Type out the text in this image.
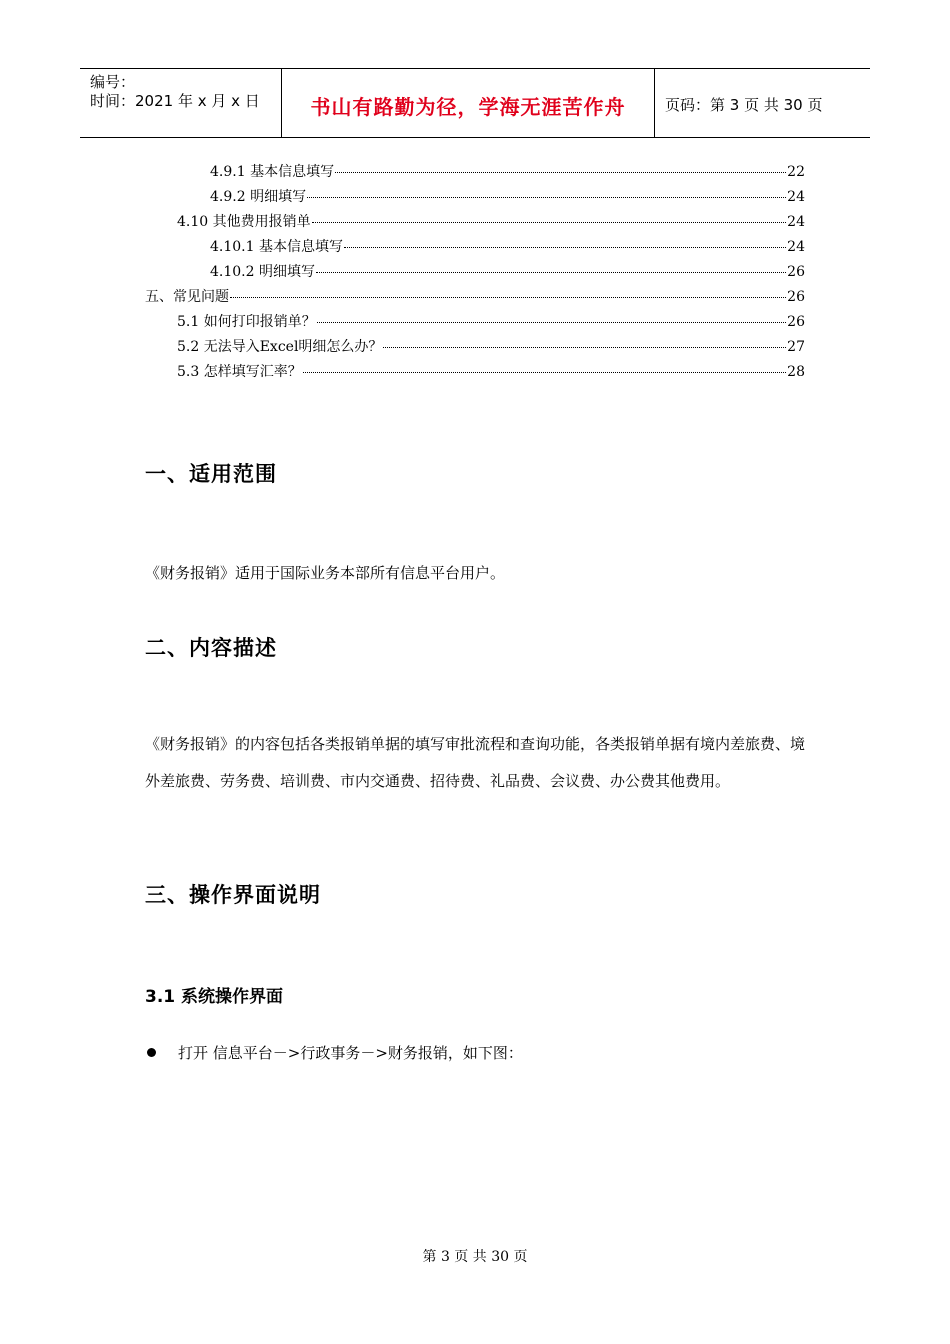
编号：
时间：2021 年 x 月 x 日	书山有路勤为径，学海无涯苦作舟	页码：第 3 页 共 30 页
4.9.1 基本信息填写	22
4.9.2 明细填写	24
4.10 其他费用报销单	24
4.10.1 基本信息填写	24
4.10.2 明细填写	26
五、常见问题	26
5.1 如何打印报销单？	26
5.2 无法导入Excel明细怎么办？	27
5.3 怎样填写汇率？	28
一、适用范围

《财务报销》适用于国际业务本部所有信息平台用户。

二、内容描述

《财务报销》的内容包括各类报销单据的填写审批流程和查询功能，各类报销单据有境内差旅费、境外差旅费、劳务费、培训费、市内交通费、招待费、礼品费、会议费、办公费其他费用。

三、操作界面说明
3.1 系统操作界面
打开 信息平台－>行政事务－>财务报销，如下图：
第 3 页 共 30 页
